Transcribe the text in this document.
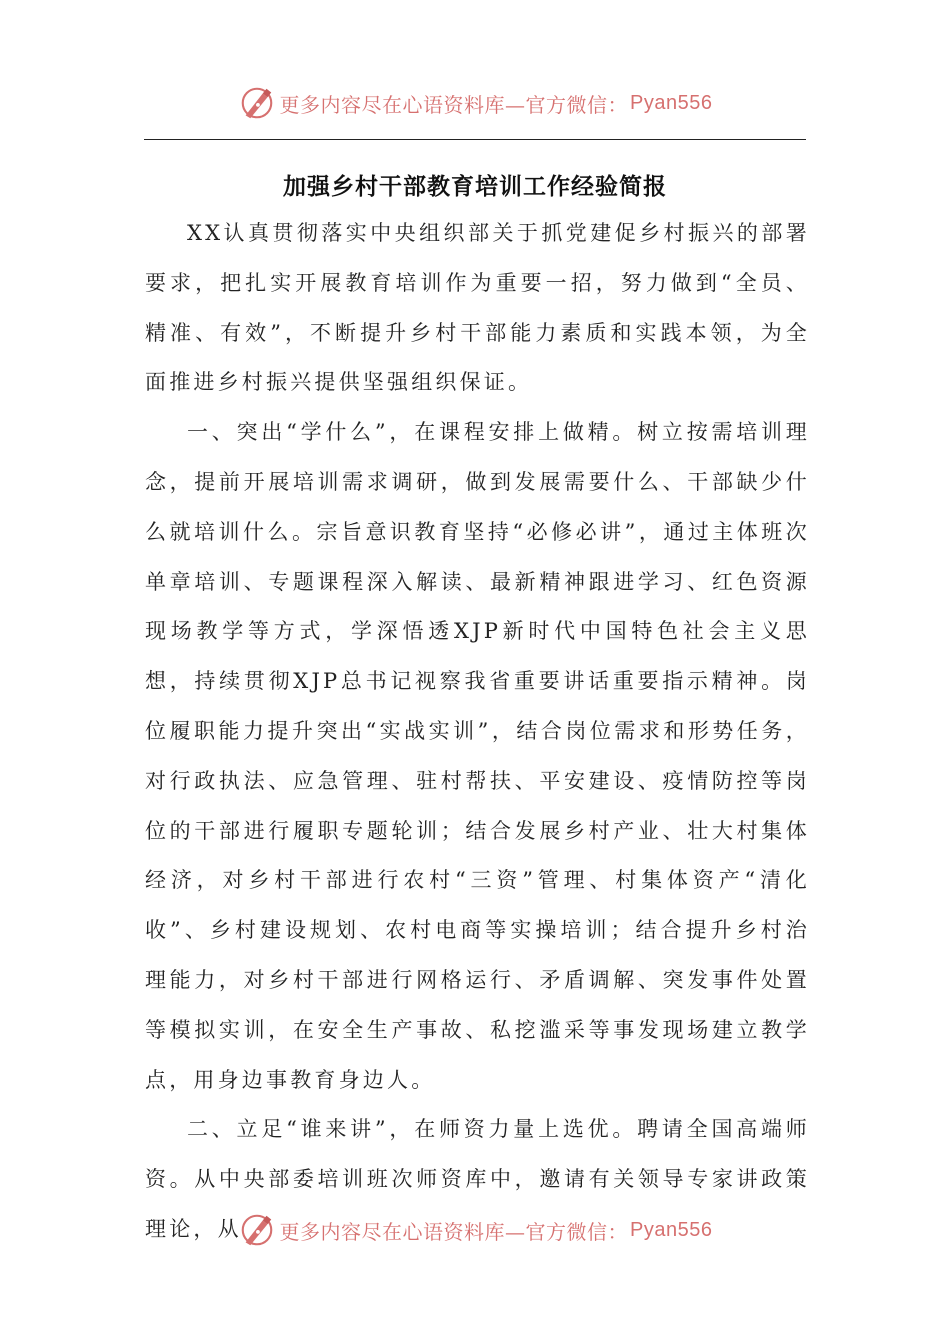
更多内容尽在心语资料库—官方微信： Pyan556
加强乡村干部教育培训工作经验简报

XX认真贯彻落实中央组织部关于抓党建促乡村振兴的部署要求，把扎实开展教育培训作为重要一招，努力做到“全员、精准、有效”，不断提升乡村干部能力素质和实践本领，为全面推进乡村振兴提供坚强组织保证。

一、突出“学什么”，在课程安排上做精。树立按需培训理念，提前开展培训需求调研，做到发展需要什么、干部缺少什么就培训什么。宗旨意识教育坚持“必修必讲”，通过主体班次单章培训、专题课程深入解读、最新精神跟进学习、红色资源现场教学等方式，学深悟透XJP新时代中国特色社会主义思想，持续贯彻XJP总书记视察我省重要讲话重要指示精神。岗位履职能力提升突出“实战实训”，结合岗位需求和形势任务，对行政执法、应急管理、驻村帮扶、平安建设、疫情防控等岗位的干部进行履职专题轮训；结合发展乡村产业、壮大村集体经济，对乡村干部进行农村“三资”管理、村集体资产“清化收”、乡村建设规划、农村电商等实操培训；结合提升乡村治理能力，对乡村干部进行网格运行、矛盾调解、突发事件处置等模拟实训，在安全生产事故、私挖滥采等事发现场建立教学点，用身边事教育身边人。

二、立足“谁来讲”，在师资力量上选优。聘请全国高端师资。从中央部委培训班次师资库中，邀请有关领导专家讲政策理论，从	更多内容尽在心语资料库—官方微信： Pyan556
